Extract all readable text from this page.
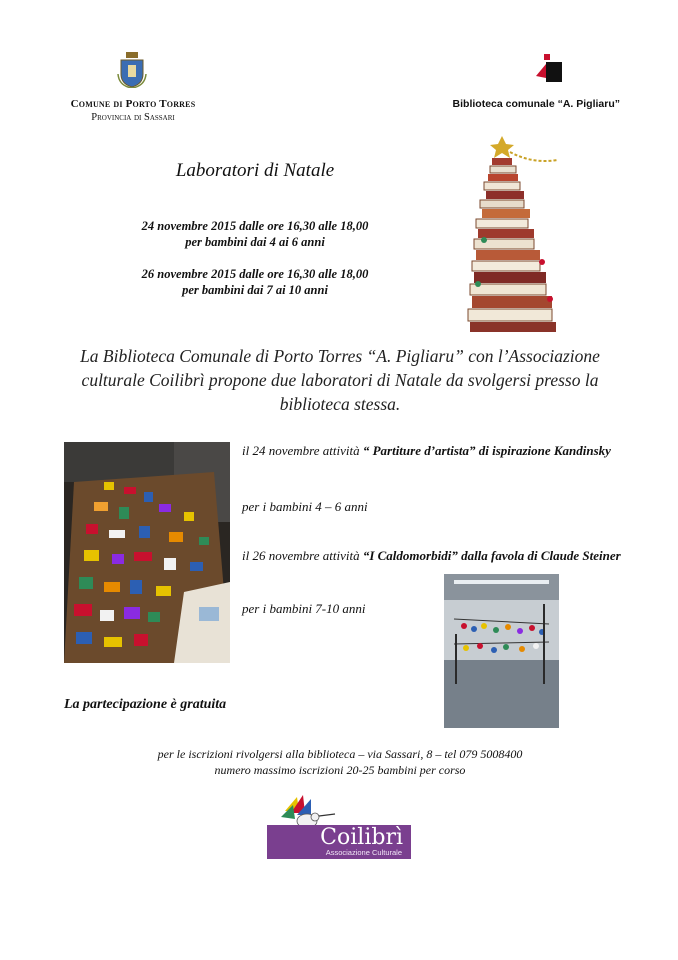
Comune di Porto Torres
Provincia di Sassari
Biblioteca comunale “A. Pigliaru”
Laboratori di Natale
24 novembre 2015 dalle ore 16,30 alle 18,00
per bambini dai 4 ai 6 anni
26 novembre 2015 dalle ore 16,30 alle 18,00
per bambini dai 7 ai 10 anni
La Biblioteca Comunale di Porto Torres “A. Pigliaru” con l’Associazione culturale Coilibrì propone due laboratori di Natale da svolgersi presso la biblioteca stessa.
il 24 novembre attività “ Partiture d’artista” di ispirazione Kandinsky
per i bambini 4 – 6 anni
il 26 novembre attività “I Caldomorbidi” dalla favola di Claude Steiner
per i bambini 7-10 anni
La partecipazione è gratuita
per le iscrizioni rivolgersi alla biblioteca – via Sassari, 8 – tel 079 5008400
numero massimo iscrizioni 20-25 bambini per corso
Coilibrì
Associazione Culturale
